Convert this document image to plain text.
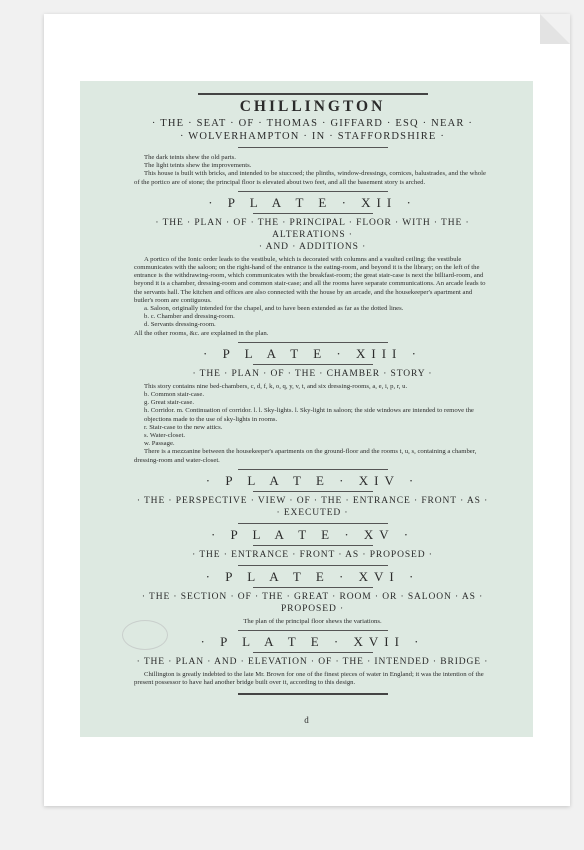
CHILLINGTON
· THE · SEAT · OF · THOMAS · GIFFARD · ESQ · NEAR ·
· WOLVERHAMPTON · IN · STAFFORDSHIRE ·

The dark teints shew the old parts.

The light teints shew the improvements.

This house is built with bricks, and intended to be stuccoed; the plinths, window-dressings, cornices, balustrades, and the whole of the portico are of stone; the principal floor is elevated about two feet, and all the basement story is arched.

· P L A T E · XII ·
· THE · PLAN · OF · THE · PRINCIPAL · FLOOR · WITH · THE · ALTERATIONS ·
· AND · ADDITIONS ·

A portico of the Ionic order leads to the vestibule, which is decorated with columns and a vaulted ceiling; the vestibule communicates with the saloon; on the right-hand of the entrance is the eating-room, and beyond it is the library; on the left of the entrance is the withdrawing-room, which communicates with the breakfast-room; the great stair-case is next the billiard-room, and beyond it is a chamber, dressing-room and common stair-case; and all the rooms have separate communications. An arcade leads to the servants hall. The kitchen and offices are also connected with the house by an arcade, and the housekeeper's apartment and butler's room are contiguous.

a. Saloon, originally intended for the chapel, and to have been extended as far as the dotted lines.

b. c. Chamber and dressing-room.

d. Servants dressing-room.

All the other rooms, &c. are explained in the plan.

· P L A T E · XIII ·
· THE · PLAN · OF · THE · CHAMBER · STORY ·

This story contains nine bed-chambers, c, d, f, k, o, q, y, v, t, and six dressing-rooms, a, e, i, p, r, u.

b. Common stair-case.

g. Great stair-case.

h. Corridor. m. Continuation of corridor. l. l. Sky-lights. l. Sky-light in saloon; the side windows are intended to remove the objections made to the use of sky-lights in rooms.

r. Stair-case to the new attics.

s. Water-closet.

w. Passage.

There is a mezzanine between the housekeeper's apartments on the ground-floor and the rooms t, u, s, containing a chamber, dressing-room and water-closet.

· P L A T E · XIV ·
· THE · PERSPECTIVE · VIEW · OF · THE · ENTRANCE · FRONT · AS ·
· EXECUTED ·
· P L A T E · XV ·
· THE · ENTRANCE · FRONT · AS · PROPOSED ·
· P L A T E · XVI ·
· THE · SECTION · OF · THE · GREAT · ROOM · OR · SALOON · AS · PROPOSED ·
The plan of the principal floor shews the variations.
· P L A T E · XVII ·
· THE · PLAN · AND · ELEVATION · OF · THE · INTENDED · BRIDGE ·

Chillington is greatly indebted to the late Mr. Brown for one of the finest pieces of water in England; it was the intention of the present possessor to have had another bridge built over it, according to this design.

d
